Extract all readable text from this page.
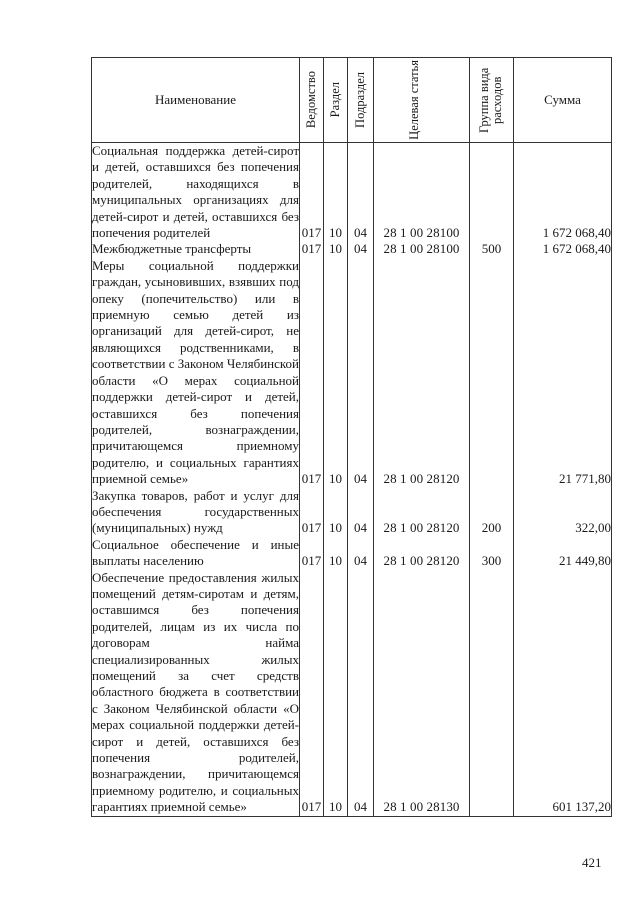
Наименование	Ведомство	Раздел	Подраздел	Целевая статья	Группа вида расходов	Сумма
Социальная поддержка детей-сирот и детей, оставшихся без попечения родителей, находящихся в муниципальных организациях для детей-сирот и детей, оставшихся без попечения родителей	017	10	04	28 1 00 28100		1 672 068,40
Межбюджетные трансферты	017	10	04	28 1 00 28100	500	1 672 068,40
Меры социальной поддержки граждан, усыновивших, взявших под опеку (попечительство) или в приемную семью детей из организаций для детей-сирот, не являющихся родственниками, в соответствии с Законом Челябинской области «О мерах социальной поддержки детей-сирот и детей, оставшихся без попечения родителей, вознаграждении, причитающемся приемному родителю, и социальных гарантиях приемной семье»	017	10	04	28 1 00 28120		21 771,80
Закупка товаров, работ и услуг для обеспечения государственных (муниципальных) нужд	017	10	04	28 1 00 28120	200	322,00
Социальное обеспечение и иные выплаты населению	017	10	04	28 1 00 28120	300	21 449,80
Обеспечение предоставления жилых помещений детям-сиротам и детям, оставшимся без попечения родителей, лицам из их числа по договорам найма специализированных жилых помещений за счет средств областного бюджета в соответствии с Законом Челябинской области «О мерах социальной поддержки детей-сирот и детей, оставшихся без попечения родителей, вознаграждении, причитающемся приемному родителю, и социальных гарантиях приемной семье»	017	10	04	28 1 00 28130		601 137,20
421
